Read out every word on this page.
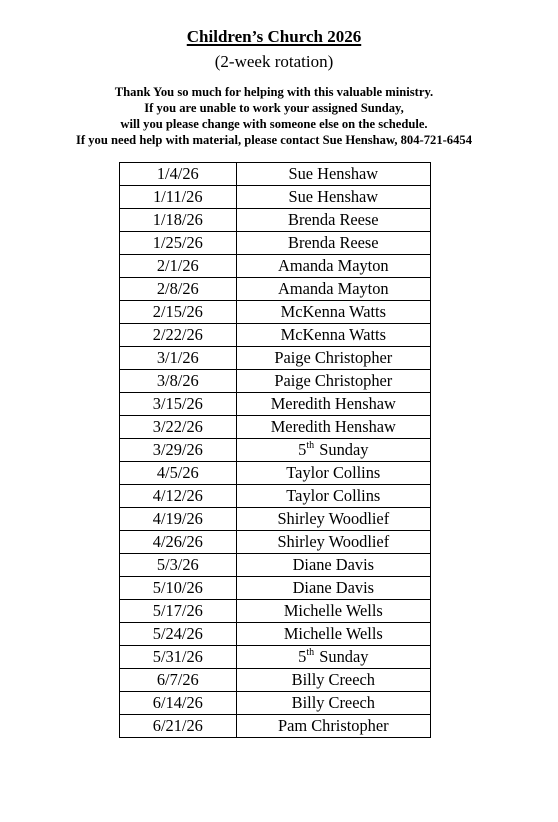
Children’s Church 2026
(2-week rotation)
Thank You so much for helping with this valuable ministry.
If you are unable to work your assigned Sunday,
will you please change with someone else on the schedule.
If you need help with material, please contact Sue Henshaw, 804-721-6454
1/4/26	Sue Henshaw
1/11/26	Sue Henshaw
1/18/26	Brenda Reese
1/25/26	Brenda Reese
2/1/26	Amanda Mayton
2/8/26	Amanda Mayton
2/15/26	McKenna Watts
2/22/26	McKenna Watts
3/1/26	Paige Christopher
3/8/26	Paige Christopher
3/15/26	Meredith Henshaw
3/22/26	Meredith Henshaw
3/29/26	5th Sunday
4/5/26	Taylor Collins
4/12/26	Taylor Collins
4/19/26	Shirley Woodlief
4/26/26	Shirley Woodlief
5/3/26	Diane Davis
5/10/26	Diane Davis
5/17/26	Michelle Wells
5/24/26	Michelle Wells
5/31/26	5th Sunday
6/7/26	Billy Creech
6/14/26	Billy Creech
6/21/26	Pam Christopher
